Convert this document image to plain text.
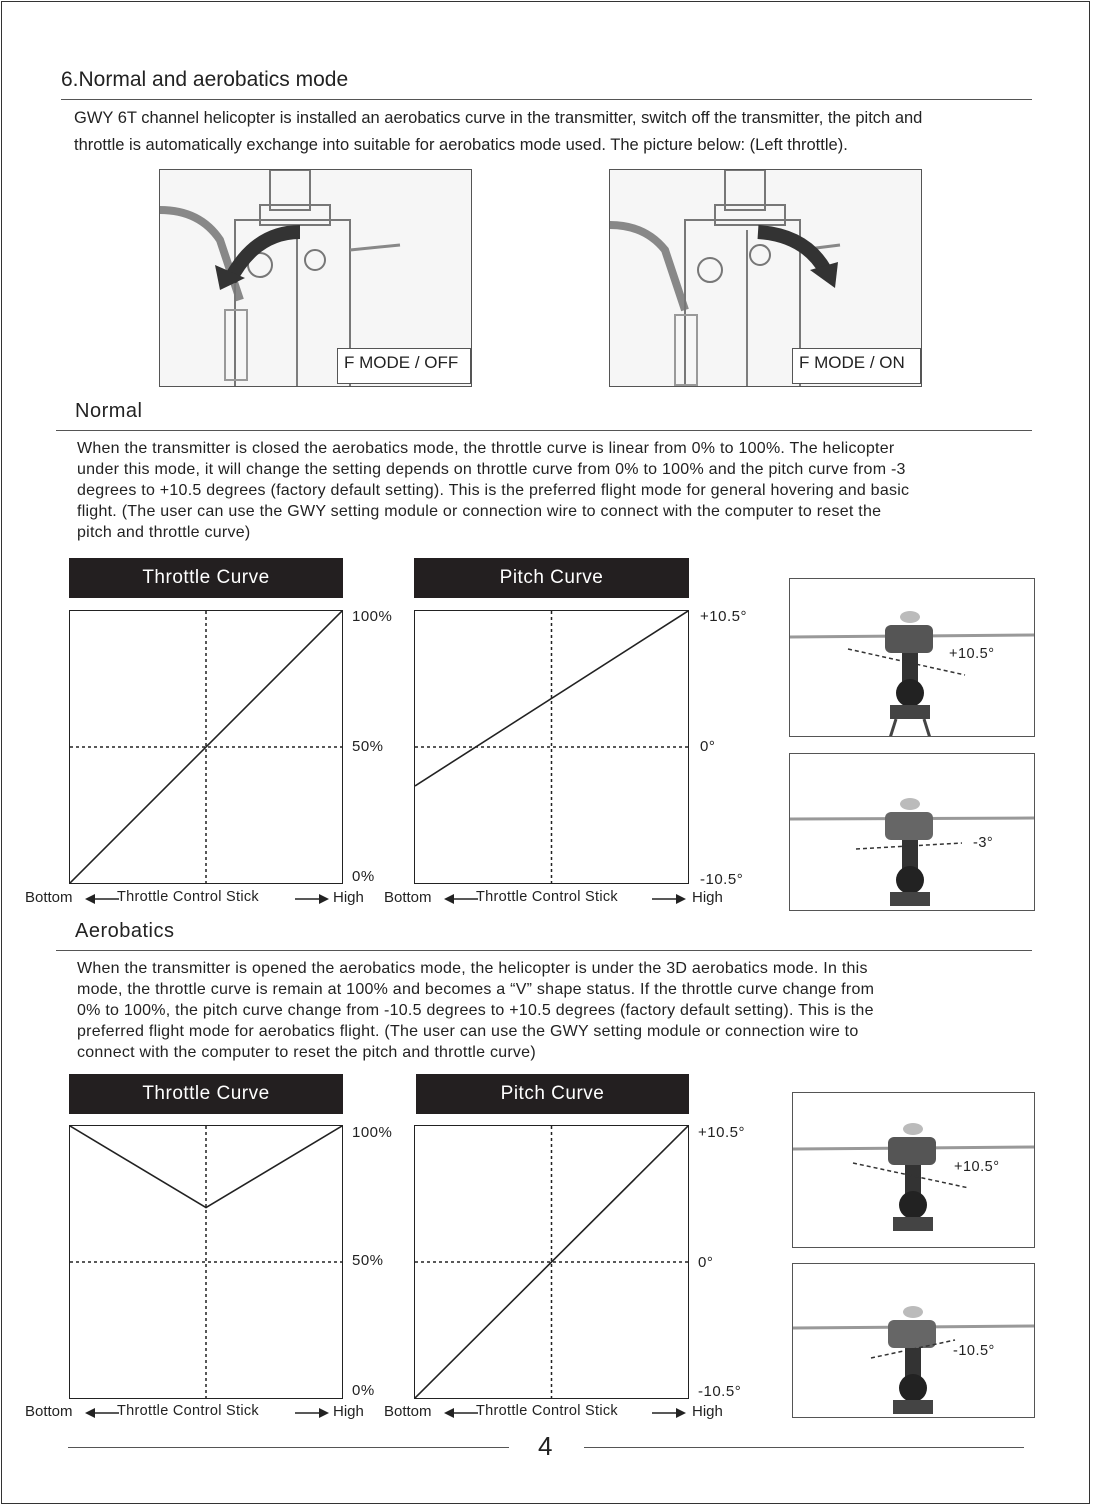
6.Normal and aerobatics mode
GWY 6T channel helicopter is installed an aerobatics curve in the transmitter, switch off the transmitter, the pitch and
throttle is automatically exchange into suitable for aerobatics mode used. The picture below: (Left throttle).
F MODE / OFF	F MODE / ON
Normal
When the transmitter is closed the aerobatics mode, the throttle curve is linear from 0% to 100%. The helicopter
under this mode, it will change the setting depends on throttle curve from 0% to 100% and the pitch curve from -3
degrees to +10.5 degrees (factory default setting). This is the preferred flight mode for general hovering and basic
flight. (The user can use the GWY setting module or connection wire to connect with the computer to reset the
pitch and throttle curve)
Throttle Curve
100%
50%
0%
Pitch Curve
+10.5°
0°
-10.5°
Bottom	Throttle Control Stick	High Bottom	Throttle Control Stick	High
+10.5°
-3°
Aerobatics
When the transmitter is opened the aerobatics mode, the helicopter is under the 3D aerobatics mode. In this
mode, the throttle curve is remain at 100% and becomes a “V” shape status. If the throttle curve change from
0% to 100%, the pitch curve change from -10.5 degrees to +10.5 degrees (factory default setting). This is the
preferred flight mode for aerobatics flight. (The user can use the GWY setting module or connection wire to
connect with the computer to reset the pitch and throttle curve)
Throttle Curve
100%
50%
0%
Pitch Curve
+10.5°
0°
-10.5°
Bottom	Throttle Control Stick	High Bottom	Throttle Control Stick	High
+10.5°
-10.5°
4
